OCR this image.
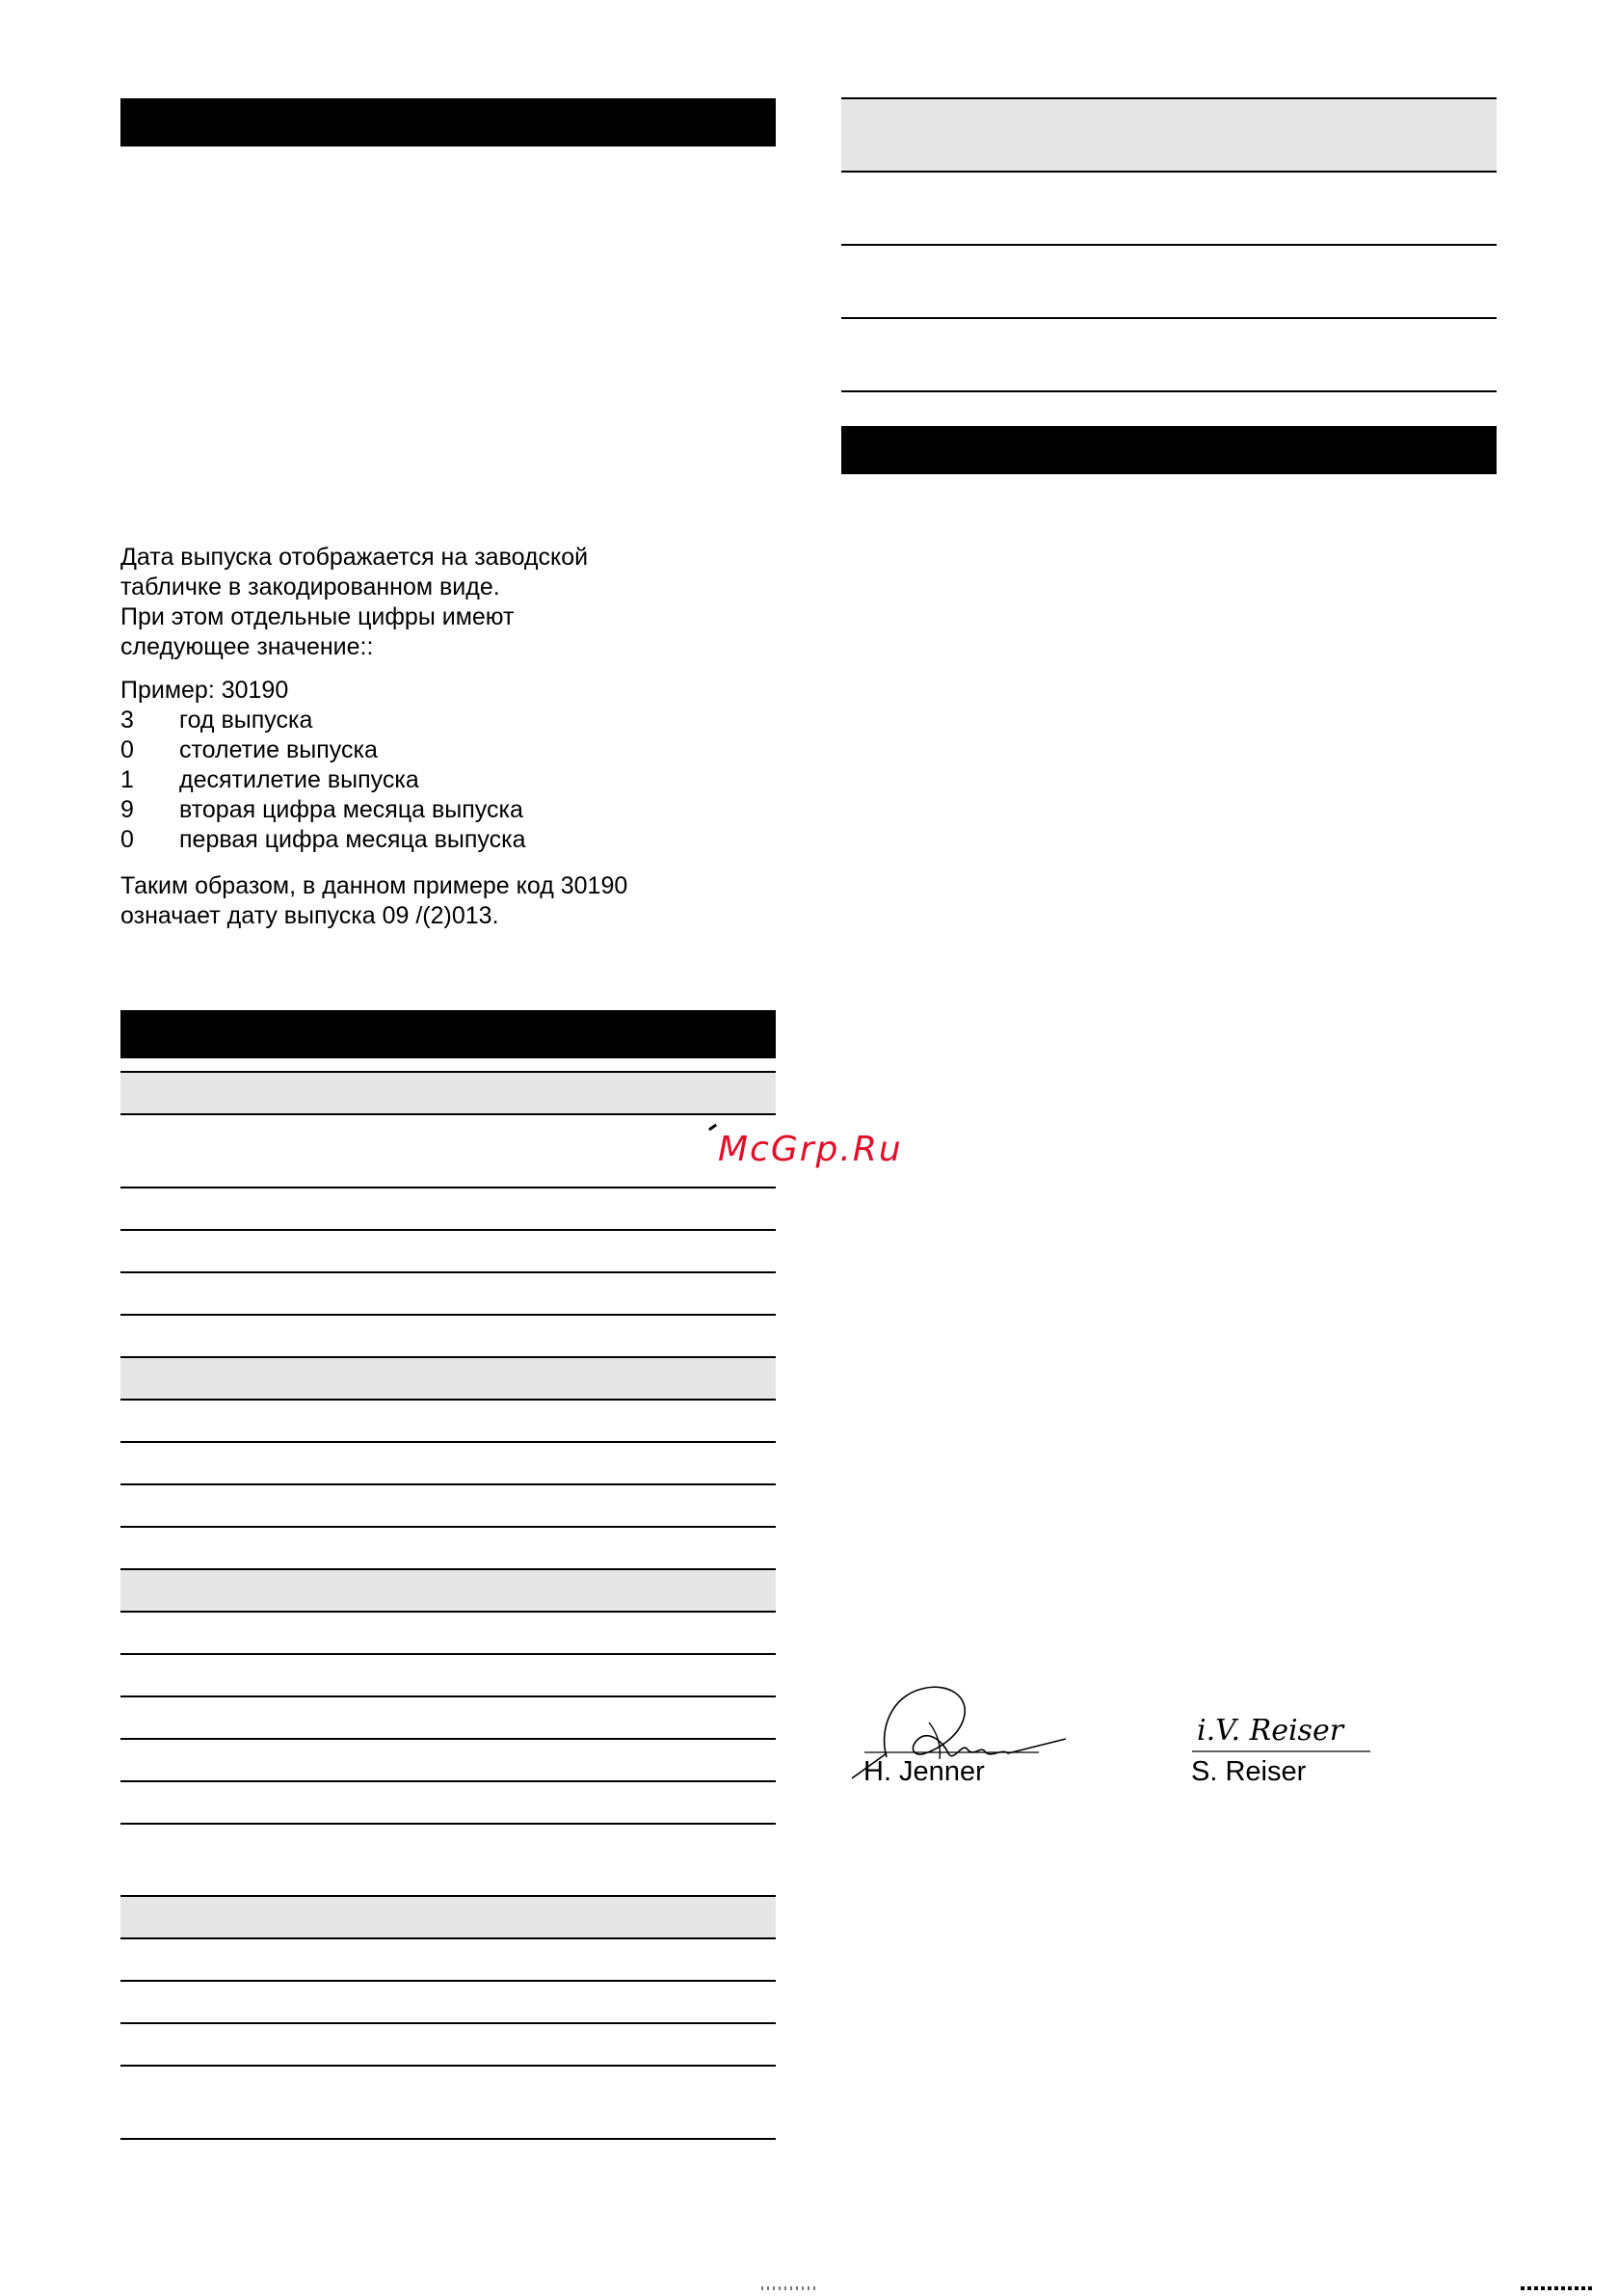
Дата выпуска отображается на заводской
табличке в закодированном виде.
При этом отдельные цифры имеют
следующее значение::
Пример: 30190
3 год выпуска
0 столетие выпуска
1 десятилетие выпуска
9 вторая цифра месяца выпуска
0 первая цифра месяца выпуска
Таким образом, в данном примере код 30190
означает дату выпуска 09 /(2)013.
McGrp.Ru
H. Jenner
i.V. Reiser
S. Reiser
